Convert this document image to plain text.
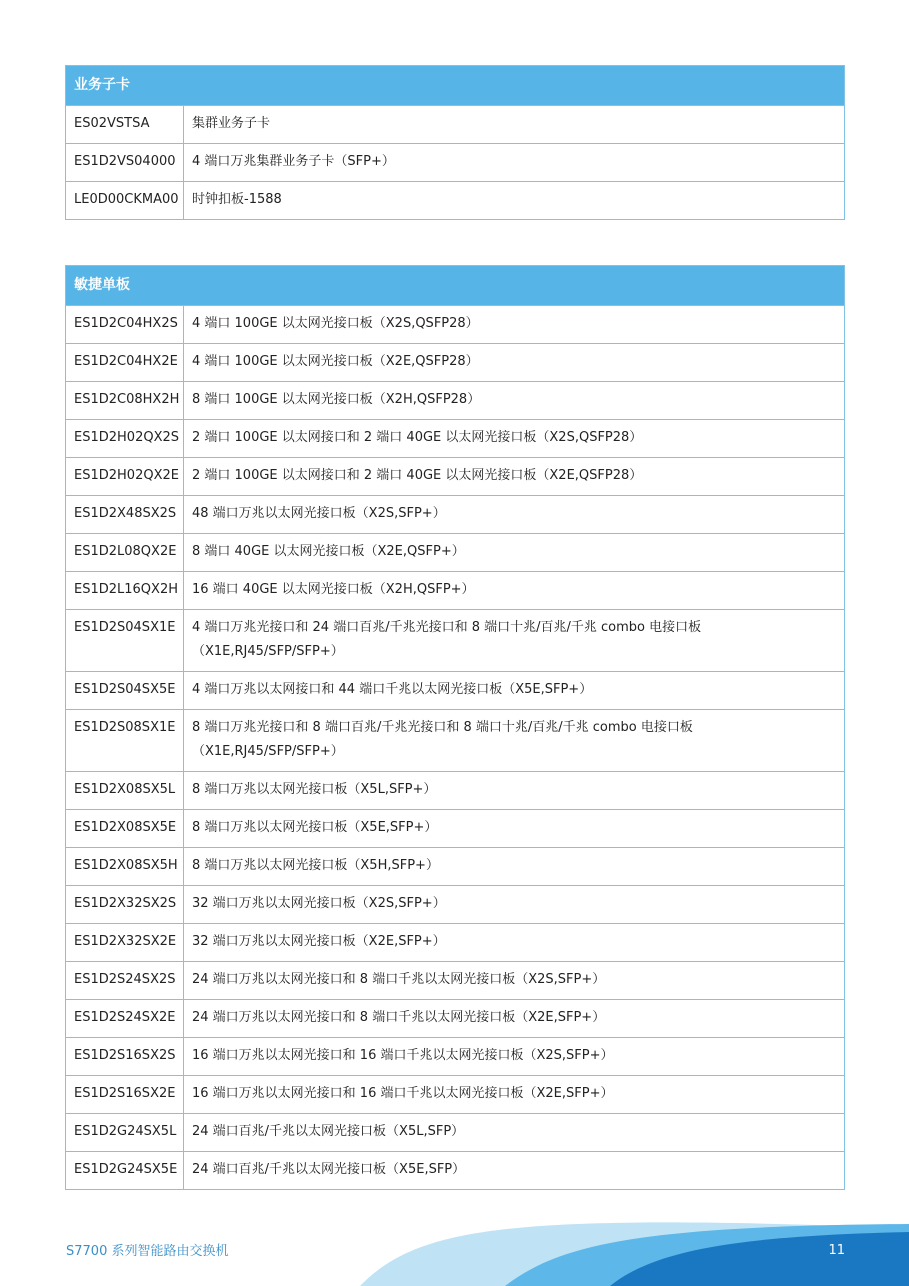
业务子卡	
ES02VSTSA	集群业务子卡

ES1D2VS04000	4 端口万兆集群业务子卡（SFP+）

LE0D00CKMA00	时钟扣板-1588
敏捷单板	
ES1D2C04HX2S	4 端口 100GE 以太网光接口板（X2S,QSFP28）

ES1D2C04HX2E	4 端口 100GE 以太网光接口板（X2E,QSFP28）

ES1D2C08HX2H	8 端口 100GE 以太网光接口板（X2H,QSFP28）

ES1D2H02QX2S	2 端口 100GE 以太网接口和 2 端口 40GE 以太网光接口板（X2S,QSFP28）

ES1D2H02QX2E	2 端口 100GE 以太网接口和 2 端口 40GE 以太网光接口板（X2E,QSFP28）

ES1D2X48SX2S	48 端口万兆以太网光接口板（X2S,SFP+）

ES1D2L08QX2E	8 端口 40GE 以太网光接口板（X2E,QSFP+）

ES1D2L16QX2H	16 端口 40GE 以太网光接口板（X2H,QSFP+）

ES1D2S04SX1E	4 端口万兆光接口和 24 端口百兆/千兆光接口和 8 端口十兆/百兆/千兆 combo 电接口板
（X1E,RJ45/SFP/SFP+）

ES1D2S04SX5E	4 端口万兆以太网接口和 44 端口千兆以太网光接口板（X5E,SFP+）

ES1D2S08SX1E	8 端口万兆光接口和 8 端口百兆/千兆光接口和 8 端口十兆/百兆/千兆 combo 电接口板
（X1E,RJ45/SFP/SFP+）

ES1D2X08SX5L	8 端口万兆以太网光接口板（X5L,SFP+）

ES1D2X08SX5E	8 端口万兆以太网光接口板（X5E,SFP+）

ES1D2X08SX5H	8 端口万兆以太网光接口板（X5H,SFP+）

ES1D2X32SX2S	32 端口万兆以太网光接口板（X2S,SFP+）

ES1D2X32SX2E	32 端口万兆以太网光接口板（X2E,SFP+）

ES1D2S24SX2S	24 端口万兆以太网光接口和 8 端口千兆以太网光接口板（X2S,SFP+）

ES1D2S24SX2E	24 端口万兆以太网光接口和 8 端口千兆以太网光接口板（X2E,SFP+）

ES1D2S16SX2S	16 端口万兆以太网光接口和 16 端口千兆以太网光接口板（X2S,SFP+）

ES1D2S16SX2E	16 端口万兆以太网光接口和 16 端口千兆以太网光接口板（X2E,SFP+）

ES1D2G24SX5L	24 端口百兆/千兆以太网光接口板（X5L,SFP）

ES1D2G24SX5E	24 端口百兆/千兆以太网光接口板（X5E,SFP）
S7700 系列智能路由交换机	11
